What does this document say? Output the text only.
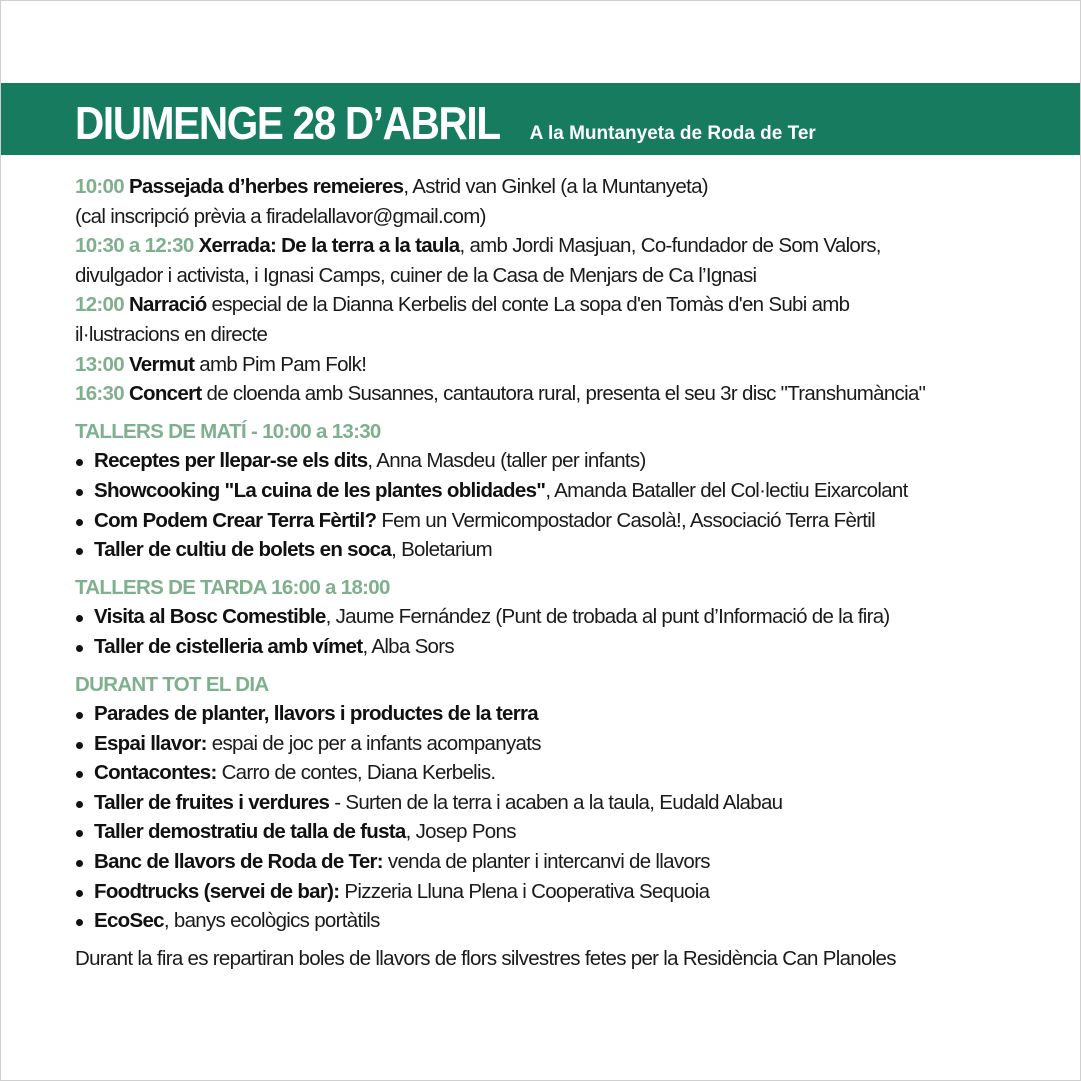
DIUMENGE 28 D’ABRIL A la Muntanyeta de Roda de Ter
10:00 Passejada d’herbes remeieres, Astrid van Ginkel (a la Muntanyeta)
(cal inscripció prèvia a firadelallavor@gmail.com)
10:30 a 12:30 Xerrada: De la terra a la taula, amb Jordi Masjuan, Co-fundador de Som Valors,
divulgador i activista, i Ignasi Camps, cuiner de la Casa de Menjars de Ca l’Ignasi
12:00 Narració especial de la Dianna Kerbelis del conte La sopa d'en Tomàs d'en Subi amb
il·lustracions en directe
13:00 Vermut amb Pim Pam Folk!
16:30 Concert de cloenda amb Susannes, cantautora rural, presenta el seu 3r disc "Transhumància"
TALLERS DE MATÍ - 10:00 a 13:30
Receptes per llepar-se els dits, Anna Masdeu (taller per infants)
Showcooking "La cuina de les plantes oblidades", Amanda Bataller del Col·lectiu Eixarcolant
Com Podem Crear Terra Fèrtil? Fem un Vermicompostador Casolà!, Associació Terra Fèrtil
Taller de cultiu de bolets en soca, Boletarium
TALLERS DE TARDA 16:00 a 18:00
Visita al Bosc Comestible, Jaume Fernández (Punt de trobada al punt d’Informació de la fira)
Taller de cistelleria amb vímet, Alba Sors
DURANT TOT EL DIA
Parades de planter, llavors i productes de la terra
Espai llavor: espai de joc per a infants acompanyats
Contacontes: Carro de contes, Diana Kerbelis.
Taller de fruites i verdures - Surten de la terra i acaben a la taula, Eudald Alabau
Taller demostratiu de talla de fusta, Josep Pons
Banc de llavors de Roda de Ter: venda de planter i intercanvi de llavors
Foodtrucks (servei de bar): Pizzeria Lluna Plena i Cooperativa Sequoia
EcoSec, banys ecològics portàtils
Durant la fira es repartiran boles de llavors de flors silvestres fetes per la Residència Can Planoles
